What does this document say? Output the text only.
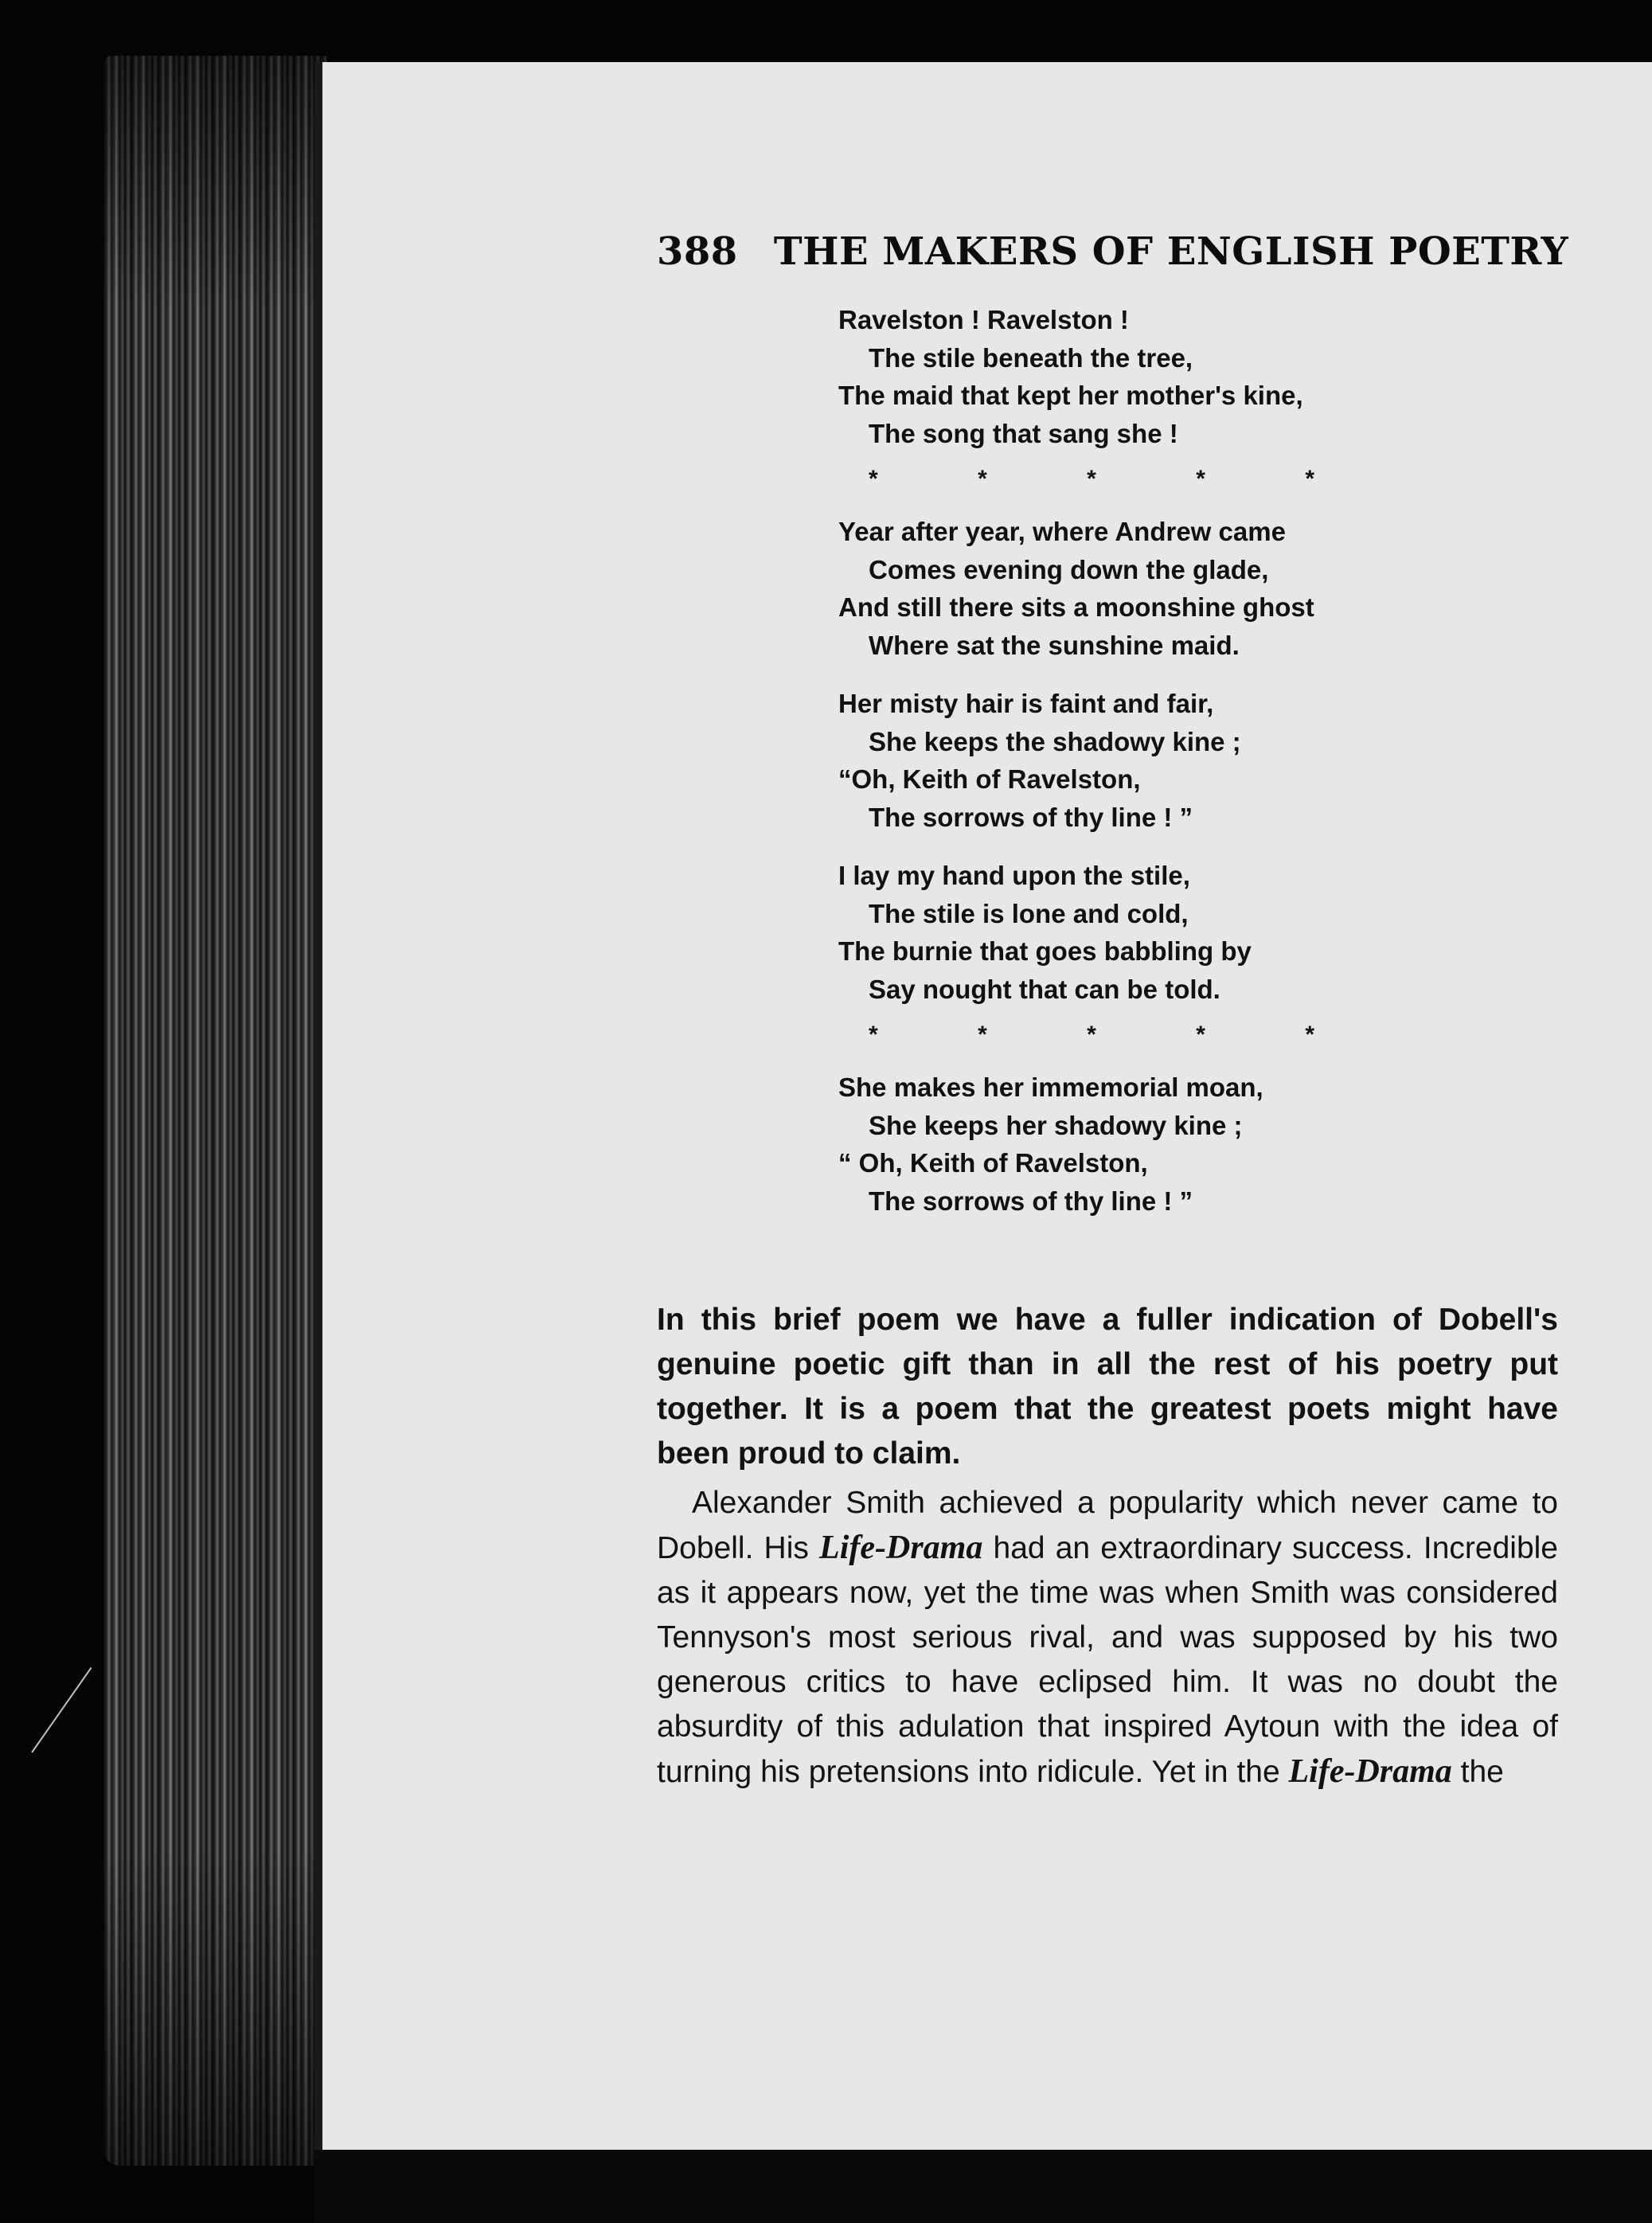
388 THE MAKERS OF ENGLISH POETRY
Ravelston ! Ravelston !
The stile beneath the tree,
The maid that kept her mother's kine,
The song that sang she !
*	*	*	*	*
Year after year, where Andrew came
Comes evening down the glade,
And still there sits a moonshine ghost
Where sat the sunshine maid.
Her misty hair is faint and fair,
She keeps the shadowy kine ;
“Oh, Keith of Ravelston,
The sorrows of thy line ! ”
I lay my hand upon the stile,
The stile is lone and cold,
The burnie that goes babbling by
Say nought that can be told.
*	*	*	*	*
She makes her immemorial moan,
She keeps her shadowy kine ;
“ Oh, Keith of Ravelston,
The sorrows of thy line ! ”

In this brief poem we have a fuller indication of Dobell's genuine poetic gift than in all the rest of his poetry put together. It is a poem that the greatest poets might have been proud to claim.

Alexander Smith achieved a popularity which never came to Dobell. His Life-Drama had an extraordinary success. Incredible as it appears now, yet the time was when Smith was considered Tennyson's most serious rival, and was supposed by his two generous critics to have eclipsed him. It was no doubt the absurdity of this adulation that inspired Aytoun with the idea of turning his pretensions into ridicule. Yet in the Life-Drama the
